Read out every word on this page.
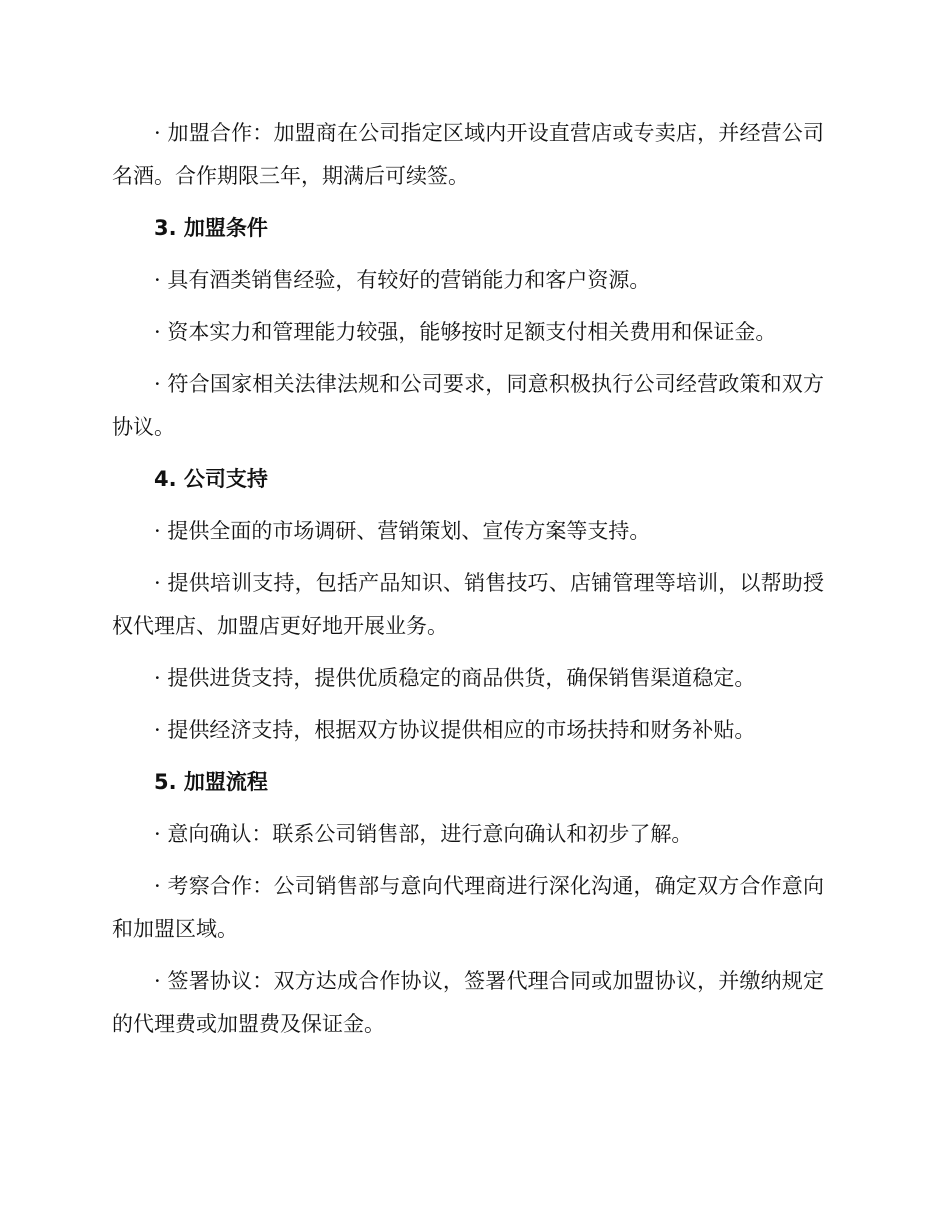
· 加盟合作：加盟商在公司指定区域内开设直营店或专卖店，并经营公司名酒。合作期限三年，期满后可续签。

3. 加盟条件

· 具有酒类销售经验，有较好的营销能力和客户资源。

· 资本实力和管理能力较强，能够按时足额支付相关费用和保证金。

· 符合国家相关法律法规和公司要求，同意积极执行公司经营政策和双方协议。

4. 公司支持

· 提供全面的市场调研、营销策划、宣传方案等支持。

· 提供培训支持，包括产品知识、销售技巧、店铺管理等培训，以帮助授权代理店、加盟店更好地开展业务。

· 提供进货支持，提供优质稳定的商品供货，确保销售渠道稳定。

· 提供经济支持，根据双方协议提供相应的市场扶持和财务补贴。

5. 加盟流程

· 意向确认：联系公司销售部，进行意向确认和初步了解。

· 考察合作：公司销售部与意向代理商进行深化沟通，确定双方合作意向和加盟区域。

· 签署协议：双方达成合作协议，签署代理合同或加盟协议，并缴纳规定的代理费或加盟费及保证金。
